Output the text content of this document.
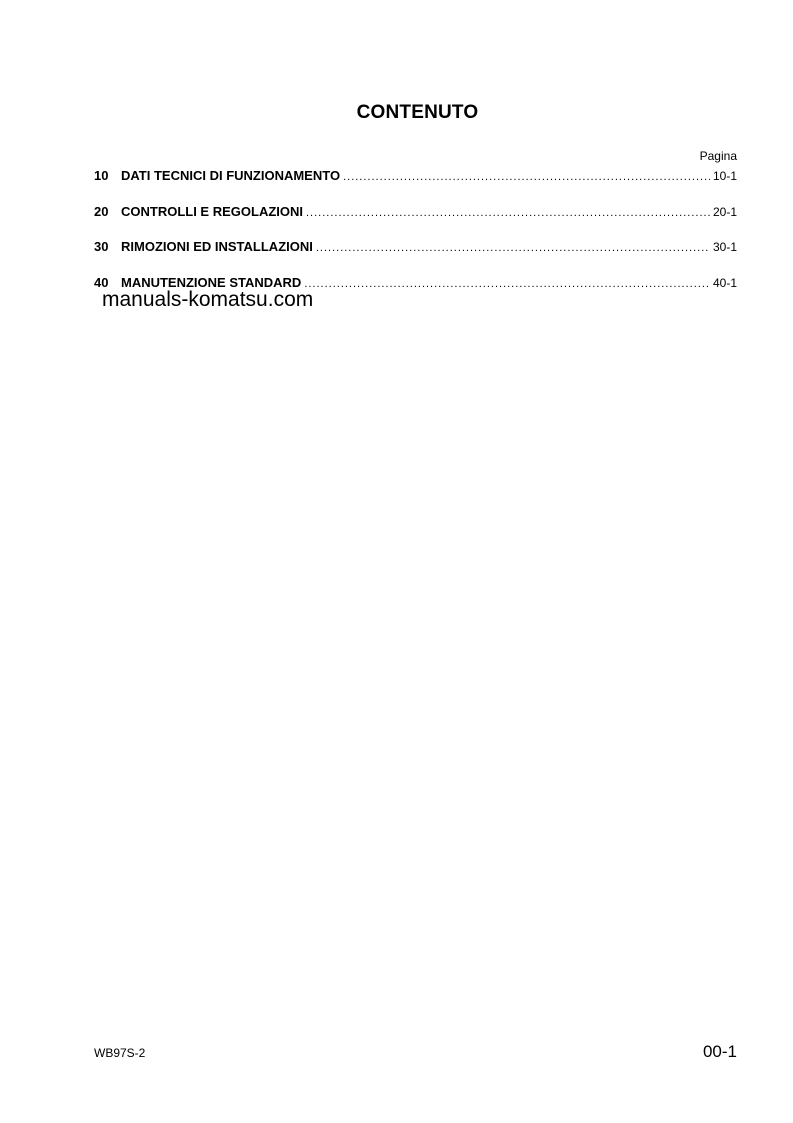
CONTENUTO
Pagina
10 DATI TECNICI DI FUNZIONAMENTO .....	10-1
20 CONTROLLI E REGOLAZIONI .....	20-1
30 RIMOZIONI ED INSTALLAZIONI .....	30-1
40 MANUTENZIONE STANDARD .....	40-1
manuals-komatsu.com
WB97S-2	00-1
